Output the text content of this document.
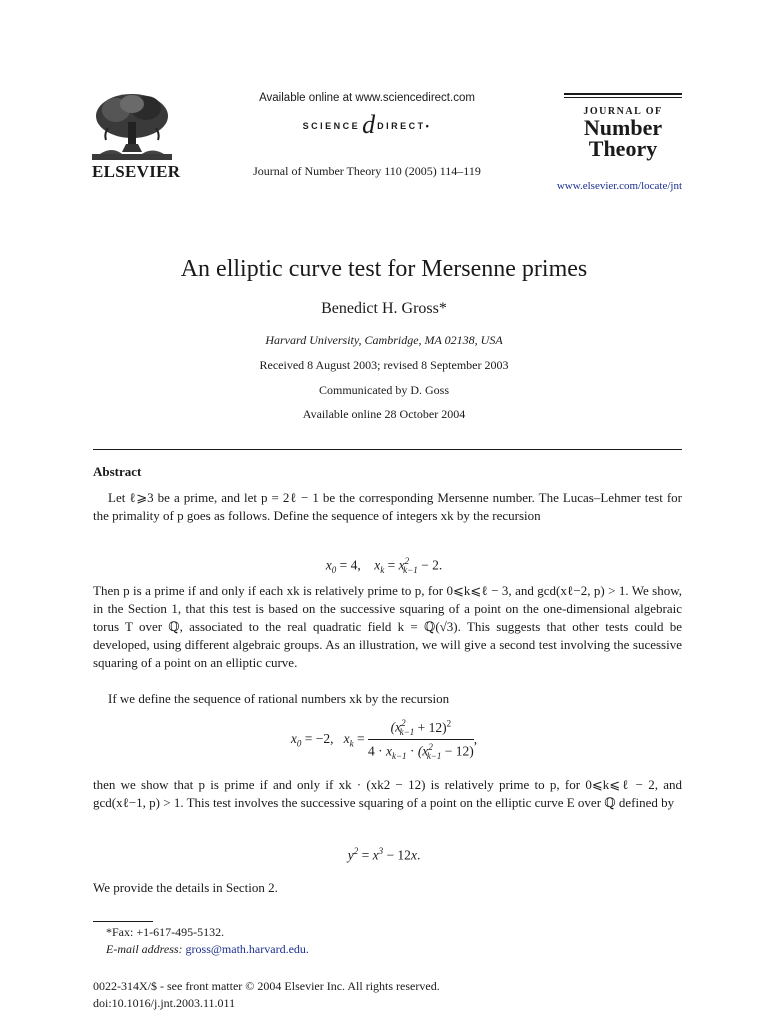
ELSEVIER
Available online at www.sciencedirect.com
SCIENCEd DIRECT•
Journal of Number Theory 110 (2005) 114–119
JOURNAL OF
Number
Theory
www.elsevier.com/locate/jnt
An elliptic curve test for Mersenne primes
Benedict H. Gross*
Harvard University, Cambridge, MA 02138, USA
Received 8 August 2003; revised 8 September 2003
Communicated by D. Goss
Available online 28 October 2004
Abstract

Let ℓ⩾3 be a prime, and let p = 2ℓ − 1 be the corresponding Mersenne number. The Lucas–Lehmer test for the primality of p goes as follows. Define the sequence of integers xk by the recursion

$x_0 = 4$,    $x_k = x^2_{k-1} - 2$.

Then p is a prime if and only if each xk is relatively prime to p, for 0⩽k⩽ℓ − 3, and gcd(xℓ−2, p) > 1. We show, in the Section 1, that this test is based on the successive squaring of a point on the one-dimensional algebraic torus T over ℚ, associated to the real quadratic field k = ℚ(√3). This suggests that other tests could be developed, using different algebraic groups. As an illustration, we will give a second test involving the sucessive squaring of a point on an elliptic curve.

If we define the sequence of rational numbers xk by the recursion

$x_0 = -2$,   $x_k = \frac{(x^2_{k-1} + 12)^2}{4 \cdot x_{k-1} \cdot (x^2_{k-1} - 12)}$ ,

then we show that p is prime if and only if xk · (xk2 − 12) is relatively prime to p, for 0⩽k⩽ℓ − 2, and gcd(xℓ−1, p) > 1. This test involves the successive squaring of a point on the elliptic curve E over ℚ defined by

$y^2 = x^3 - 12x$.

We provide the details in Section 2.

*Fax: +1-617-495-5132.
E-mail address: gross@math.harvard.edu.
0022-314X/$ - see front matter © 2004 Elsevier Inc. All rights reserved.
doi:10.1016/j.jnt.2003.11.011
